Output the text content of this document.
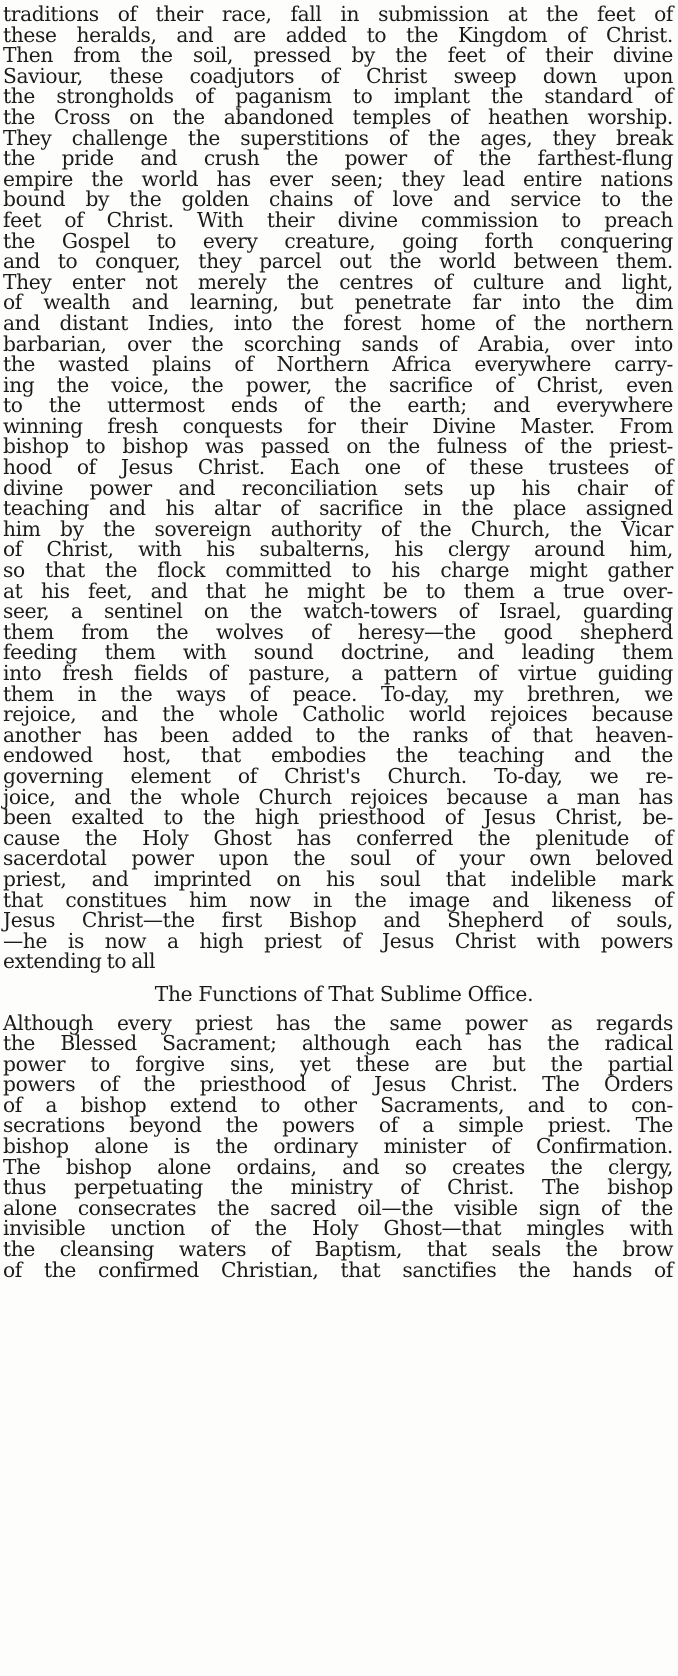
traditions of their race, fall in submission at the feet of
these heralds, and are added to the Kingdom of Christ.
Then from the soil, pressed by the feet of their divine
Saviour, these coadjutors of Christ sweep down upon
the strongholds of paganism to implant the standard of
the Cross on the abandoned temples of heathen worship.
They challenge the superstitions of the ages, they break
the pride and crush the power of the farthest-flung
empire the world has ever seen; they lead entire nations
bound by the golden chains of love and service to the
feet of Christ. With their divine commission to preach
the Gospel to every creature, going forth conquering
and to conquer, they parcel out the world between them.
They enter not merely the centres of culture and light,
of wealth and learning, but penetrate far into the dim
and distant Indies, into the forest home of the northern
barbarian, over the scorching sands of Arabia, over into
the wasted plains of Northern Africa everywhere carry-
ing the voice, the power, the sacrifice of Christ, even
to the uttermost ends of the earth; and everywhere
winning fresh conquests for their Divine Master. From
bishop to bishop was passed on the fulness of the priest-
hood of Jesus Christ. Each one of these trustees of
divine power and reconciliation sets up his chair of
teaching and his altar of sacrifice in the place assigned
him by the sovereign authority of the Church, the Vicar
of Christ, with his subalterns, his clergy around him,
so that the flock committed to his charge might gather
at his feet, and that he might be to them a true over-
seer, a sentinel on the watch-towers of Israel, guarding
them from the wolves of heresy—the good shepherd
feeding them with sound doctrine, and leading them
into fresh fields of pasture, a pattern of virtue guiding
them in the ways of peace. To-day, my brethren, we
rejoice, and the whole Catholic world rejoices because
another has been added to the ranks of that heaven-
endowed host, that embodies the teaching and the
governing element of Christ's Church. To-day, we re-
joice, and the whole Church rejoices because a man has
been exalted to the high priesthood of Jesus Christ, be-
cause the Holy Ghost has conferred the plenitude of
sacerdotal power upon the soul of your own beloved
priest, and imprinted on his soul that indelible mark
that constitues him now in the image and likeness of
Jesus Christ—the first Bishop and Shepherd of souls,
—he is now a high priest of Jesus Christ with powers
extending to all
The Functions of That Sublime Office.
Although every priest has the same power as regards
the Blessed Sacrament; although each has the radical
power to forgive sins, yet these are but the partial
powers of the priesthood of Jesus Christ. The Orders
of a bishop extend to other Sacraments, and to con-
secrations beyond the powers of a simple priest. The
bishop alone is the ordinary minister of Confirmation.
The bishop alone ordains, and so creates the clergy,
thus perpetuating the ministry of Christ. The bishop
alone consecrates the sacred oil—the visible sign of the
invisible unction of the Holy Ghost—that mingles with
the cleansing waters of Baptism, that seals the brow
of the confirmed Christian, that sanctifies the hands of
